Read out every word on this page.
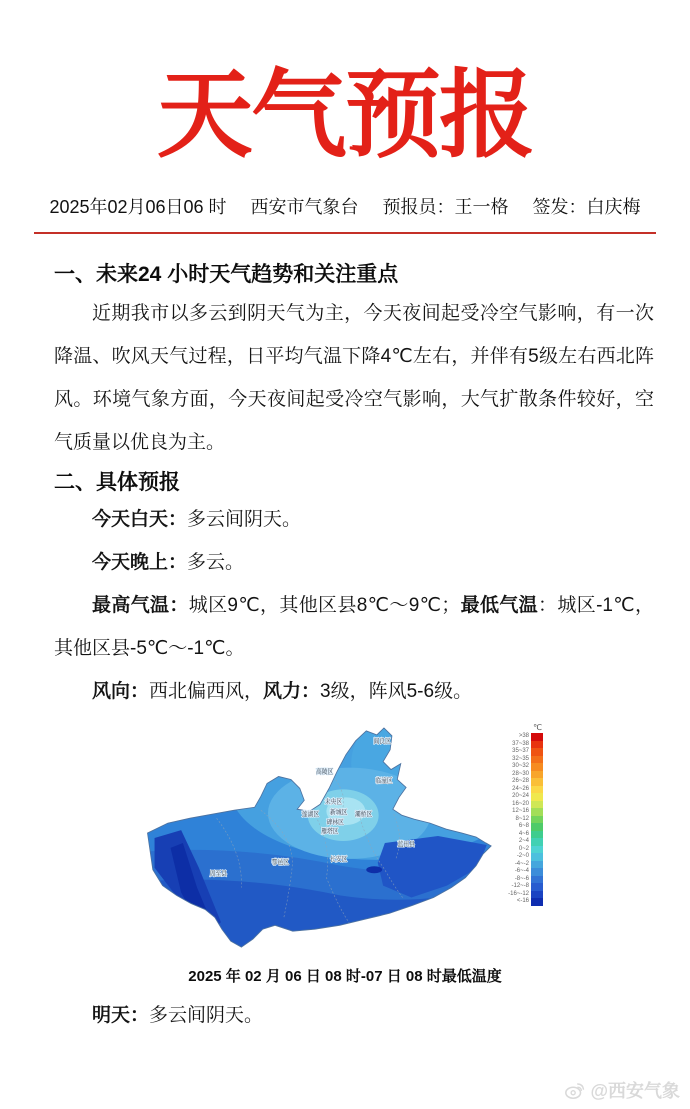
天气预报
2025年02月06日06 时 西安市气象台 预报员：王一格 签发：白庆梅
一、未来24 小时天气趋势和关注重点

近期我市以多云到阴天气为主，今天夜间起受冷空气影响，有一次降温、吹风天气过程，日平均气温下降4℃左右，并伴有5级左右西北阵风。环境气象方面，今天夜间起受冷空气影响，大气扩散条件较好，空气质量以优良为主。

二、具体预报

今天白天：多云间阴天。

今天晚上：多云。

最高气温：城区9℃，其他区县8℃～9℃；最低气温：城区-1℃，其他区县-5℃～-1℃。

风向：西北偏西风，风力：3级，阵风5-6级。

阎良区
高陵区
临潼区
未央区
莲湖区 新城区 灞桥区
碑林区
雁塔区
长安区
蓝田县
鄠邑区
周至县
℃
>38
37~38
35~37
32~35
30~32
28~30
26~28
24~26
20~24
16~20
12~16
8~12
6~8
4~6
2~4
0~2
-2~0
-4~-2
-6~-4
-8~-6
-12~-8
-16~-12
<-16
2025 年 02 月 06 日 08 时-07 日 08 时最低温度

明天：多云间阴天。

@西安气象
